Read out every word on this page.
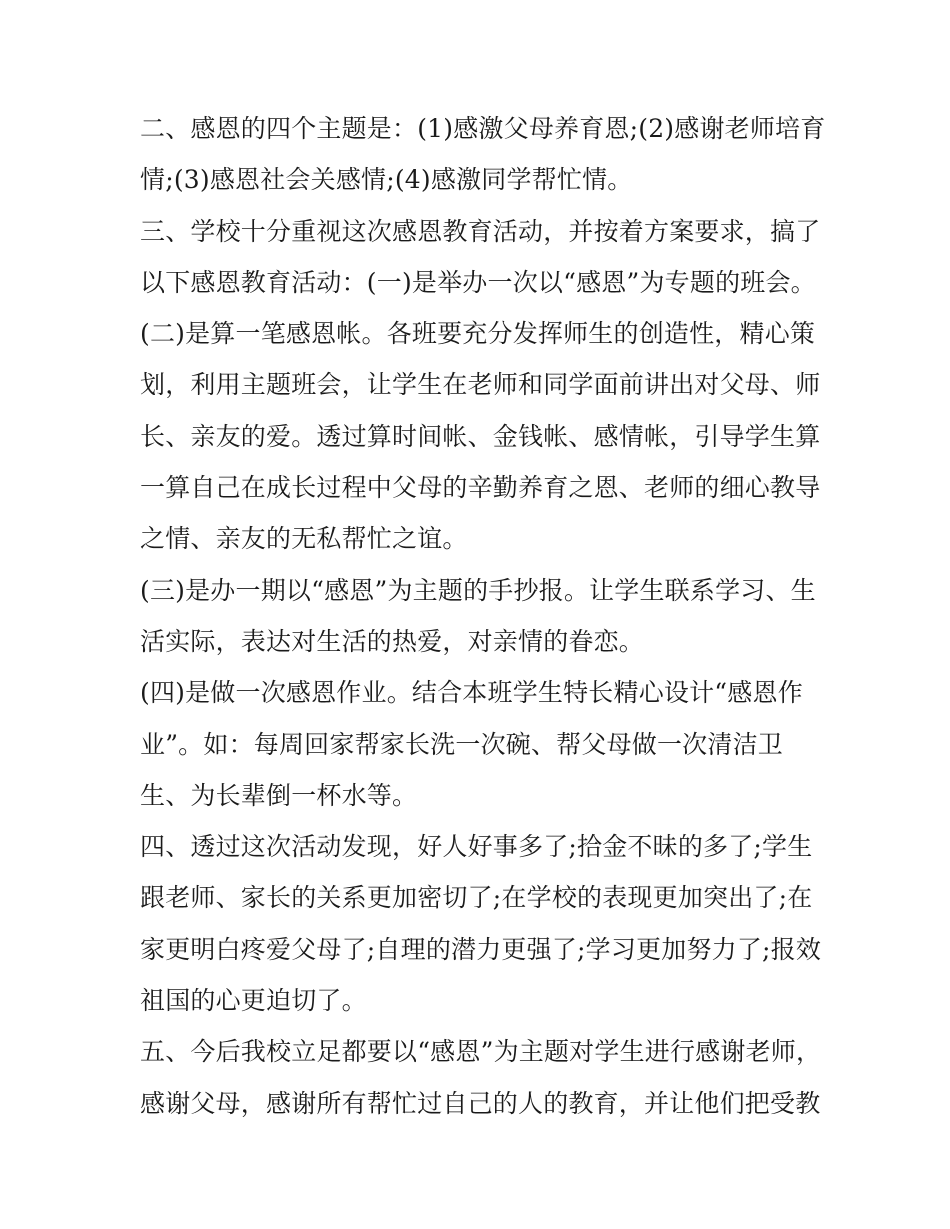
二、感恩的四个主题是：(1)感激父母养育恩;(2)感谢老师培育
情;(3)感恩社会关感情;(4)感激同学帮忙情。
三、学校十分重视这次感恩教育活动，并按着方案要求，搞了
以下感恩教育活动：(一)是举办一次以“感恩”为专题的班会。
(二)是算一笔感恩帐。各班要充分发挥师生的创造性，精心策
划，利用主题班会，让学生在老师和同学面前讲出对父母、师
长、亲友的爱。透过算时间帐、金钱帐、感情帐，引导学生算
一算自己在成长过程中父母的辛勤养育之恩、老师的细心教导
之情、亲友的无私帮忙之谊。
(三)是办一期以“感恩”为主题的手抄报。让学生联系学习、生
活实际，表达对生活的热爱，对亲情的眷恋。
(四)是做一次感恩作业。结合本班学生特长精心设计“感恩作
业”。如：每周回家帮家长洗一次碗、帮父母做一次清洁卫
生、为长辈倒一杯水等。
四、透过这次活动发现，好人好事多了;拾金不昧的多了;学生
跟老师、家长的关系更加密切了;在学校的表现更加突出了;在
家更明白疼爱父母了;自理的潜力更强了;学习更加努力了;报效
祖国的心更迫切了。
五、今后我校立足都要以“感恩”为主题对学生进行感谢老师，
感谢父母，感谢所有帮忙过自己的人的教育，并让他们把受教
